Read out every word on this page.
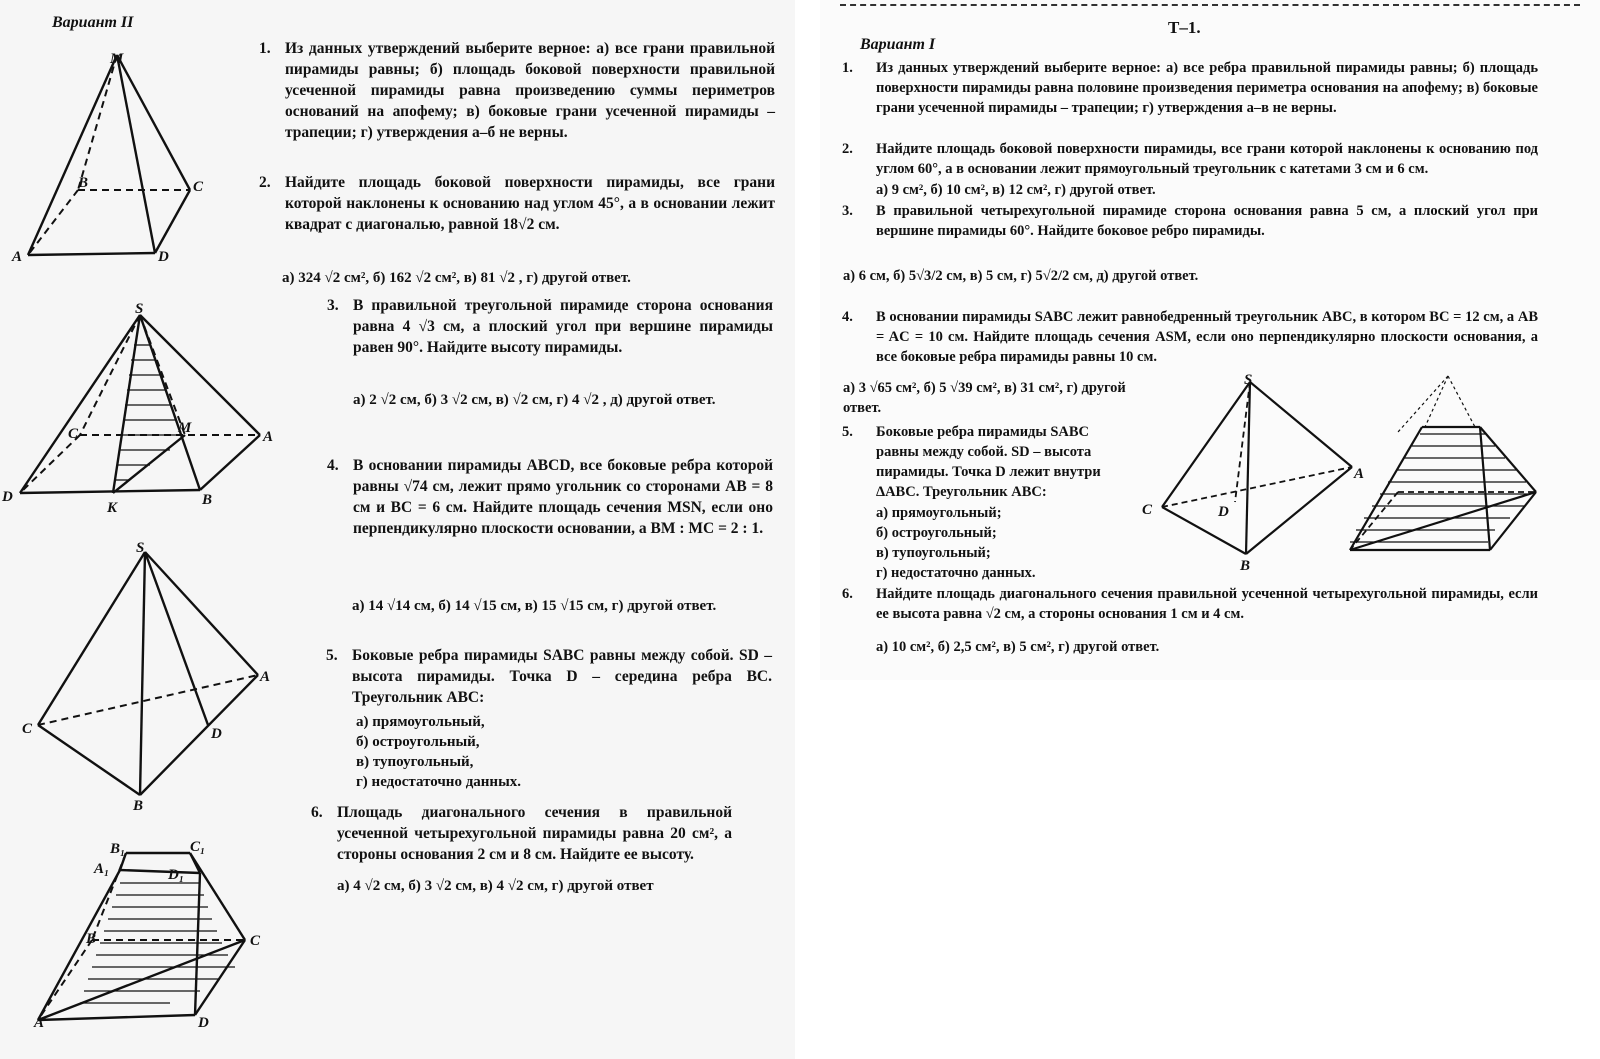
Вариант II
1. Из данных утверждений выберите верное: а) все грани правильной пирамиды равны; б) площадь боковой поверхности правильной усеченной пирамиды равна произведению суммы периметров оснований на апофему; в) боковые грани усеченной пирамиды – трапеции; г) утверждения а–б не верны.
2. Найдите площадь боковой поверхности пирамиды, все грани которой наклонены к основанию над углом 45°, а в основании лежит квадрат с диагональю, равной 18√2 см.
а) 324 √2 см², б) 162 √2 см², в) 81 √2 , г) другой ответ.
3. В правильной треугольной пирамиде сторона основания равна 4 √3 см, а плоский угол при вершине пирамиды равен 90°. Найдите высоту пирамиды.
а) 2 √2 см, б) 3 √2 см, в) √2 см, г) 4 √2 , д) другой ответ.
4. В основании пирамиды ABCD, все боковые ребра которой равны √74 см, лежит прямо угольник со сторонами AB = 8 см и BC = 6 см. Найдите площадь сечения MSN, если оно перпендикулярно плоскости основании, а BM : MC = 2 : 1.
а) 14 √14 см, б) 14 √15 см, в) 15 √15 см, г) другой ответ.
5. Боковые ребра пирамиды SABC равны между собой. SD – высота пирамиды. Точка D – середина ребра BC. Треугольник ABC:
а) прямоугольный,
б) остроугольный,
в) тупоугольный,
г) недостаточно данных.
6. Площадь диагонального сечения в правильной усеченной четырехугольной пирамиды равна 20 см², а стороны основания 2 см и 8 см. Найдите ее высоту.
а) 4 √2 см, б) 3 √2 см, в) 4 √2 см, г) другой ответ
M
B	C
A	D
S
C	M
A
D
K	B
S
A
C	D
B
B₁	C₁
A₁	D₁
B	C
A	D
Т–1.
Вариант I
1. Из данных утверждений выберите верное: а) все ребра правильной пирамиды равны; б) площадь поверхности пирамиды равна половине произведения периметра основания на апофему; в) боковые грани усеченной пирамиды – трапеции; г) утверждения а–в не верны.
2. Найдите площадь боковой поверхности пирамиды, все грани которой наклонены к основанию под углом 60°, а в основании лежит прямоугольный треугольник с катетами 3 см и 6 см.
а) 9 см², б) 10 см², в) 12 см², г) другой ответ.
3. В правильной четырехугольной пирамиде сторона основания равна 5 см, а плоский угол при вершине пирамиды 60°. Найдите боковое ребро пирамиды.
а) 6 см, б) 5√3/2 см, в) 5 см, г) 5√2/2 см, д) другой ответ.
4. В основании пирамиды SABC лежит равнобедренный треугольник ABC, в котором BC = 12 см, а AB = AC = 10 см. Найдите площадь сечения ASM, если оно перпендикулярно плоскости основания, а все боковые ребра пирамиды равны 10 см.
а) 3 √65 см², б) 5 √39 см², в) 31 см², г) другой ответ.
5. Боковые ребра пирамиды SABC равны между собой. SD – высота пирамиды. Точка D лежит внутри ΔABC. Треугольник ABC:
а) прямоугольный;
б) остроугольный;
в) тупоугольный;
г) недостаточно данных.
6. Найдите площадь диагонального сечения правильной усеченной четырехугольной пирамиды, если ее высота равна √2 см, а стороны основания 1 см и 4 см.
а) 10 см², б) 2,5 см², в) 5 см², г) другой ответ.
S
A
C	D
B
